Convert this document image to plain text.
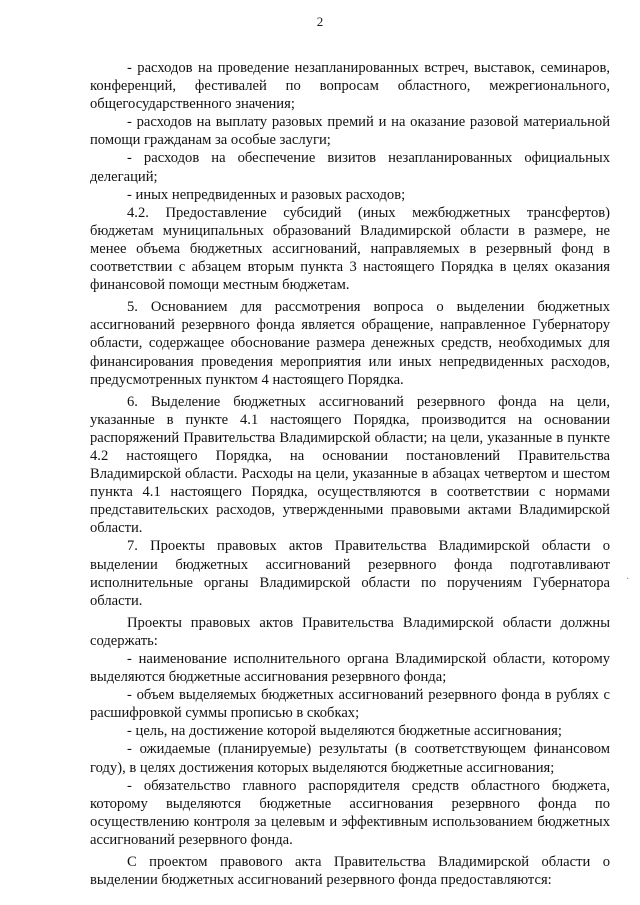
2

- расходов на проведение незапланированных встреч, выставок, семинаров, конференций, фестивалей по вопросам областного, межрегионального, общегосударственного значения;

- расходов на выплату разовых премий и на оказание разовой материальной помощи гражданам за особые заслуги;

- расходов на обеспечение визитов незапланированных официальных делегаций;

- иных непредвиденных и разовых расходов;

4.2. Предоставление субсидий (иных межбюджетных трансфертов) бюджетам муниципальных образований Владимирской области в размере, не менее объема бюджетных ассигнований, направляемых в резервный фонд в соответствии с абзацем вторым пункта 3 настоящего Порядка в целях оказания финансовой помощи местным бюджетам.

5. Основанием для рассмотрения вопроса о выделении бюджетных ассигнований резервного фонда является обращение, направленное Губернатору области, содержащее обоснование размера денежных средств, необходимых для финансирования проведения мероприятия или иных непредвиденных расходов, предусмотренных пунктом 4 настоящего Порядка.

6. Выделение бюджетных ассигнований резервного фонда на цели, указанные в пункте 4.1 настоящего Порядка, производится на основании распоряжений Правительства Владимирской области; на цели, указанные в пункте 4.2 настоящего Порядка, на основании постановлений Правительства Владимирской области. Расходы на цели, указанные в абзацах четвертом и шестом пункта 4.1 настоящего Порядка, осуществляются в соответствии с нормами представительских расходов, утвержденными правовыми актами Владимирской области.

7. Проекты правовых актов Правительства Владимирской области о выделении бюджетных ассигнований резервного фонда подготавливают исполнительные органы Владимирской области по поручениям Губернатора области.

Проекты правовых актов Правительства Владимирской области должны содержать:

- наименование исполнительного органа Владимирской области, которому выделяются бюджетные ассигнования резервного фонда;

- объем выделяемых бюджетных ассигнований резервного фонда в рублях с расшифровкой суммы прописью в скобках;

- цель, на достижение которой выделяются бюджетные ассигнования;

- ожидаемые (планируемые) результаты (в соответствующем финансовом году), в целях достижения которых выделяются бюджетные ассигнования;

- обязательство главного распорядителя средств областного бюджета, которому выделяются бюджетные ассигнования резервного фонда по осуществлению контроля за целевым и эффективным использованием бюджетных ассигнований резервного фонда.

С проектом правового акта Правительства Владимирской области о выделении бюджетных ассигнований резервного фонда предоставляются:

·
